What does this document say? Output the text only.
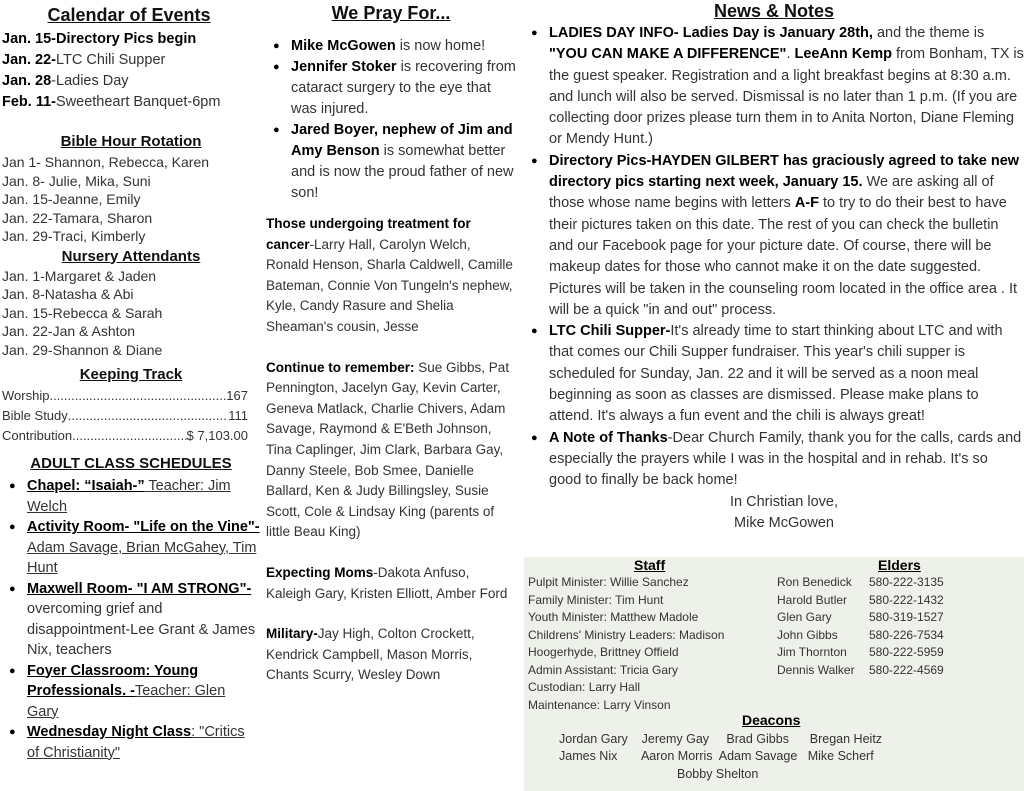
Calendar of Events
Jan. 15-Directory Pics begin
Jan. 22-LTC Chili Supper
Jan. 28-Ladies Day
Feb. 11-Sweetheart Banquet-6pm
Bible Hour Rotation
Jan 1- Shannon, Rebecca, Karen
Jan. 8- Julie, Mika, Suni
Jan. 15-Jeanne, Emily
Jan. 22-Tamara, Sharon
Jan. 29-Traci, Kimberly
Nursery Attendants
Jan. 1-Margaret & Jaden
Jan. 8-Natasha & Abi
Jan. 15-Rebecca & Sarah
Jan. 22-Jan & Ashton
Jan. 29-Shannon & Diane
Keeping Track
Worship .....	167
Bible Study .....	111
Contribution .....	$ 7,103.00
ADULT CLASS SCHEDULES
● Chapel: “Isaiah-” Teacher: Jim Welch
● Activity Room- "Life on the Vine"-Adam Savage, Brian McGahey, Tim Hunt
● Maxwell Room- "I AM STRONG"-overcoming grief and disappointment-Lee Grant & James Nix, teachers
● Foyer Classroom: Young Professionals. -Teacher: Glen Gary
● Wednesday Night Class: "Critics of Christianity"
We Pray For...
● Mike McGowen is now home!
● Jennifer Stoker is recovering from cataract surgery to the eye that was injured.
● Jared Boyer, nephew of Jim and Amy Benson is somewhat better and is now the proud father of new son!

Those undergoing treatment for cancer-Larry Hall, Carolyn Welch, Ronald Henson, Sharla Caldwell, Camille Bateman, Connie Von Tungeln's nephew, Kyle, Candy Rasure and Shelia Sheaman's cousin, Jesse

Continue to remember: Sue Gibbs, Pat Pennington, Jacelyn Gay, Kevin Carter, Geneva Matlack, Charlie Chivers, Adam Savage, Raymond & E'Beth Johnson, Tina Caplinger, Jim Clark, Barbara Gay, Danny Steele, Bob Smee, Danielle Ballard, Ken & Judy Billingsley, Susie Scott, Cole & Lindsay King (parents of little Beau King)

Expecting Moms-Dakota Anfuso, Kaleigh Gary, Kristen Elliott, Amber Ford

Military-Jay High, Colton Crockett, Kendrick Campbell, Mason Morris, Chants Scurry, Wesley Down

News & Notes
● LADIES DAY INFO- Ladies Day is January 28th, and the theme is "YOU CAN MAKE A DIFFERENCE". LeeAnn Kemp from Bonham, TX is the guest speaker. Registration and a light breakfast begins at 8:30 a.m. and lunch will also be served. Dismissal is no later than 1 p.m. (If you are collecting door prizes please turn them in to Anita Norton, Diane Fleming or Mendy Hunt.)
● Directory Pics-HAYDEN GILBERT has graciously agreed to take new directory pics starting next week, January 15. We are asking all of those whose name begins with letters A-F to try to do their best to have their pictures taken on this date. The rest of you can check the bulletin and our Facebook page for your picture date. Of course, there will be makeup dates for those who cannot make it on the date suggested. Pictures will be taken in the counseling room located in the office area . It will be a quick "in and out" process.
● LTC Chili Supper-It's already time to start thinking about LTC and with that comes our Chili Supper fundraiser. This year's chili supper is scheduled for Sunday, Jan. 22 and it will be served as a noon meal beginning as soon as classes are dismissed. Please make plans to attend. It's always a fun event and the chili is always great!
● A Note of Thanks-Dear Church Family, thank you for the calls, cards and especially the prayers while I was in the hospital and in rehab. It's so good to finally be back home!
In Christian love,
Mike McGowen
Staff
Pulpit Minister: Willie Sanchez
Family Minister: Tim Hunt
Youth Minister: Matthew Madole
Childrens' Ministry Leaders: Madison
Hoogerhyde, Brittney Offield
Admin Assistant: Tricia Gary
Custodian: Larry Hall
Maintenance: Larry Vinson
Elders
Ron Benedick 580-222-3135
Harold Butler 580-222-1432
Glen Gary	580-319-1527
John Gibbs	580-226-7534
Jim Thornton 580-222-5959
Dennis Walker 580-222-4569
Deacons
Jordan Gary    Jeremy Gay     Brad Gibbs      Bregan Heitz
James Nix       Aaron Morris  Adam Savage   Mike Scherf
Bobby Shelton
